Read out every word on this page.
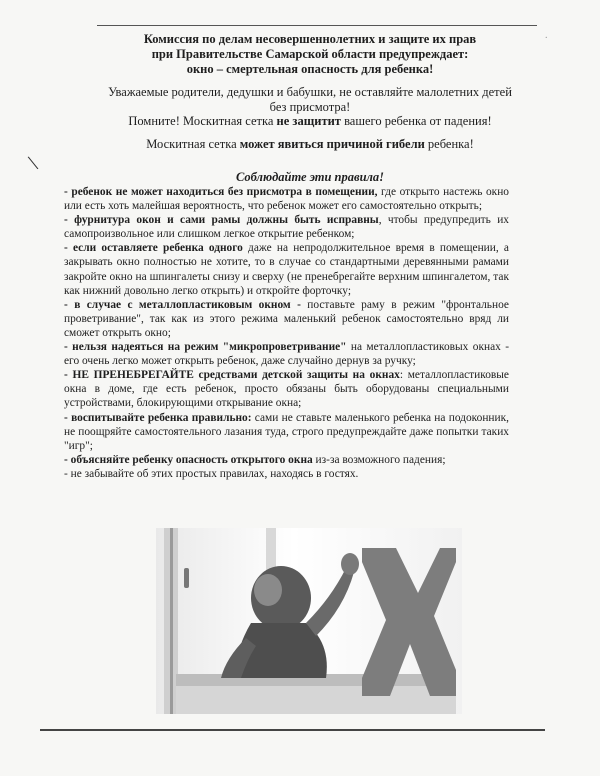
Комиссия по делам несовершеннолетних и защите их прав
при Правительстве Самарской области предупреждает:
окно – смертельная опасность для ребенка!
Уважаемые родители, дедушки и бабушки, не оставляйте малолетних детей
без присмотра!
Помните! Москитная сетка не защитит вашего ребенка от падения!
Москитная сетка может явиться причиной гибели ребенка!
Соблюдайте эти правила!

- ребенок не может находиться без присмотра в помещении, где открыто настежь окно или есть хоть малейшая вероятность, что ребенок может его самостоятельно открыть;

- фурнитура окон и сами рамы должны быть исправны, чтобы предупредить их самопроизвольное или слишком легкое открытие ребенком;

- если оставляете ребенка одного даже на непродолжительное время в помещении, а закрывать окно полностью не хотите, то в случае со стандартными деревянными рамами закройте окно на шпингалеты снизу и сверху (не пренебрегайте верхним шпингалетом, так как нижний довольно легко открыть) и откройте форточку;

- в случае с металлопластиковым окном - поставьте раму в режим "фронтальное проветривание", так как из этого режима маленький ребенок самостоятельно вряд ли сможет открыть окно;

- нельзя надеяться на режим "микропроветривание" на металлопластиковых окнах - его очень легко может открыть ребенок, даже случайно дернув за ручку;

- НЕ ПРЕНЕБРЕГАЙТЕ средствами детской защиты на окнах: металлопластиковые окна в доме, где есть ребенок, просто обязаны быть оборудованы специальными устройствами, блокирующими открывание окна;

- воспитывайте ребенка правильно: сами не ставьте маленького ребенка на подоконник, не поощряйте самостоятельного лазания туда, строго предупреждайте даже попытки таких "игр";

- объясняйте ребенку опасность открытого окна из-за возможного падения;

- не забывайте об этих простых правилах, находясь в гостях.

.
\
